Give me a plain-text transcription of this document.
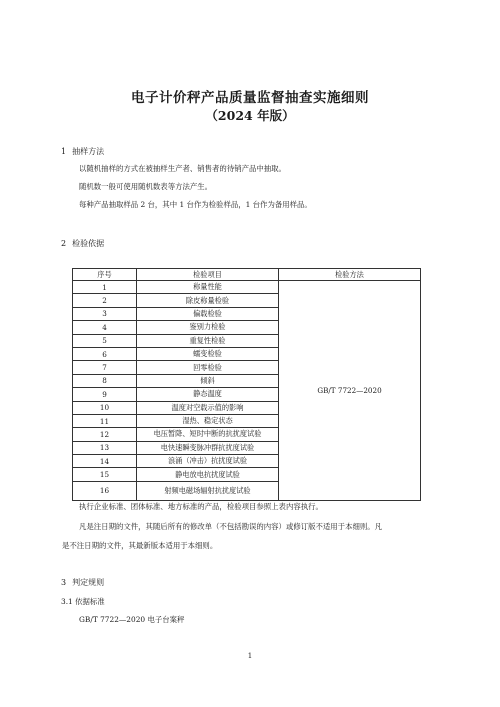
电子计价秤产品质量监督抽查实施细则
（2024 年版）
1 抽样方法
以随机抽样的方式在被抽样生产者、销售者的待销产品中抽取。
随机数一般可使用随机数表等方法产生。
每种产品抽取样品 2 台，其中 1 台作为检验样品，1 台作为备用样品。
2 检验依据
序号	检验项目	检验方法
1	称量性能	GB/T 7722—2020
2	除皮称量检验	
3	偏载检验	
4	鉴别力检验	
5	重复性检验	
6	蠕变检验	
7	回零检验	
8	倾斜	
9	静态温度	
10	温度对空载示值的影响	
11	湿热、稳定状态	
12	电压暂降、短时中断的抗扰度试验	
13	电快速瞬变脉冲群抗扰度试验	
14	浪涌（冲击）抗扰度试验	
15	静电放电抗扰度试验	
16	射频电磁场辐射抗扰度试验	
执行企业标准、团体标准、地方标准的产品，检验项目参照上表内容执行。
凡是注日期的文件，其随后所有的修改单（不包括勘误的内容）或修订版不适用于本细则。凡
是不注日期的文件，其最新版本适用于本细则。
3 判定规则
3.1 依据标准
GB/T 7722—2020 电子台案秤
1
